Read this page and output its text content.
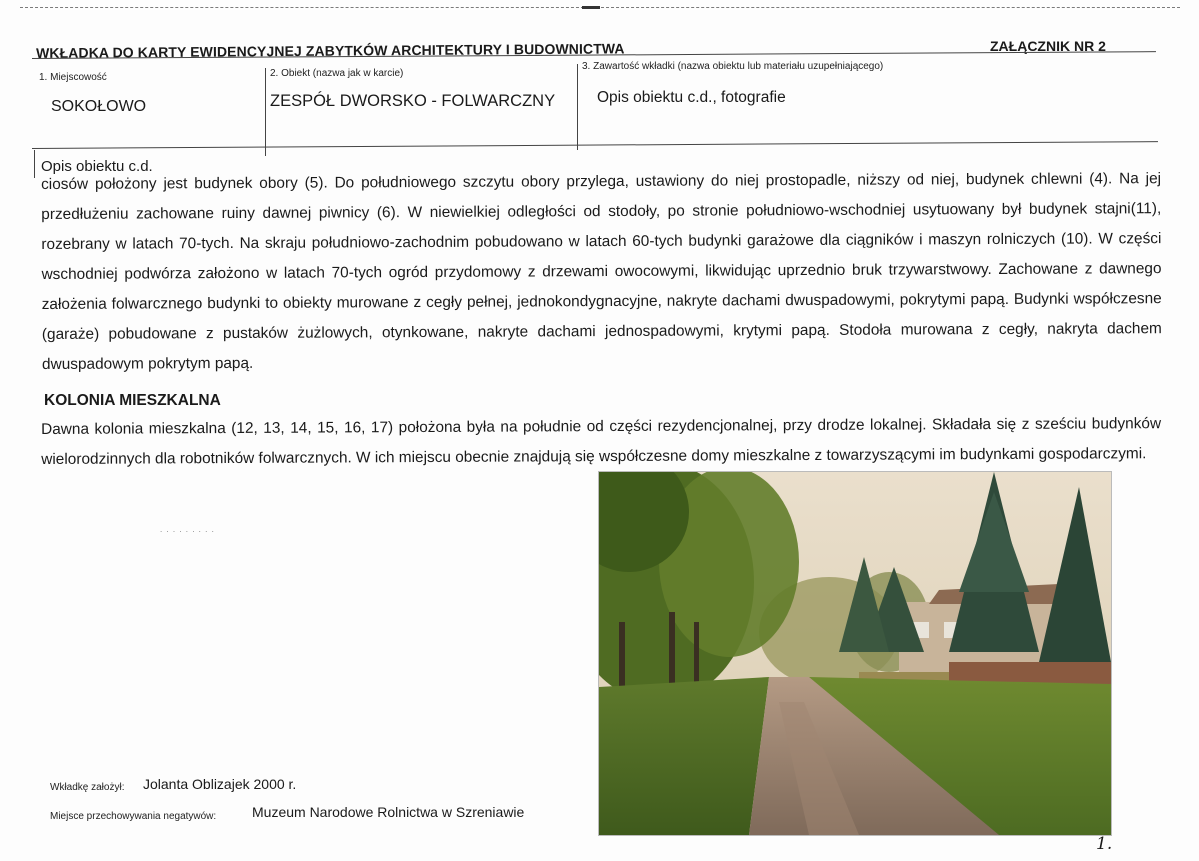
ZAŁĄCZNIK NR 2
WKŁADKA DO KARTY EWIDENCYJNEJ ZABYTKÓW ARCHITEKTURY I BUDOWNICTWA
1. Miejscowość
SOKOŁOWO
2. Obiekt (nazwa jak w karcie)
ZESPÓŁ DWORSKO - FOLWARCZNY
3. Zawartość wkładki (nazwa obiektu lub materiału uzupełniającego)
Opis obiektu c.d., fotografie
Opis obiektu c.d.
ciosów położony jest budynek obory (5). Do południowego szczytu obory przylega, ustawiony do niej prostopadle, niższy od niej, budynek chlewni (4). Na jej przedłużeniu zachowane ruiny dawnej piwnicy (6). W niewielkiej odległości od stodoły, po stronie południowo-wschodniej usytuowany był budynek stajni(11), rozebrany w latach 70-tych. Na skraju południowo-zachodnim pobudowano w latach 60-tych budynki garażowe dla ciągników i maszyn rolniczych (10). W części wschodniej podwórza założono w latach 70-tych ogród przydomowy z drzewami owocowymi, likwidując uprzednio bruk trzywarstwowy. Zachowane z dawnego założenia folwarcznego budynki to obiekty murowane z cegły pełnej, jednokondygnacyjne, nakryte dachami dwuspadowymi, pokrytymi papą. Budynki współczesne (garaże) pobudowane z pustaków żużlowych, otynkowane, nakryte dachami jednospadowymi, krytymi papą. Stodoła murowana z cegły, nakryta dachem dwuspadowym pokrytym papą.
KOLONIA MIESZKALNA
Dawna kolonia mieszkalna (12, 13, 14, 15, 16, 17) położona była na południe od części rezydencjonalnej, przy drodze lokalnej. Składała się z sześciu budynków wielorodzinnych dla robotników folwarcznych. W ich miejscu obecnie znajdują się współczesne domy mieszkalne z towarzyszącymi im budynkami gospodarczymi.
. . . . . . . . .
Wkładkę założył: Jolanta Oblizajek 2000 r.
Miejsce przechowywania negatywów:	Muzeum Narodowe Rolnictwa w Szreniawie
1.
